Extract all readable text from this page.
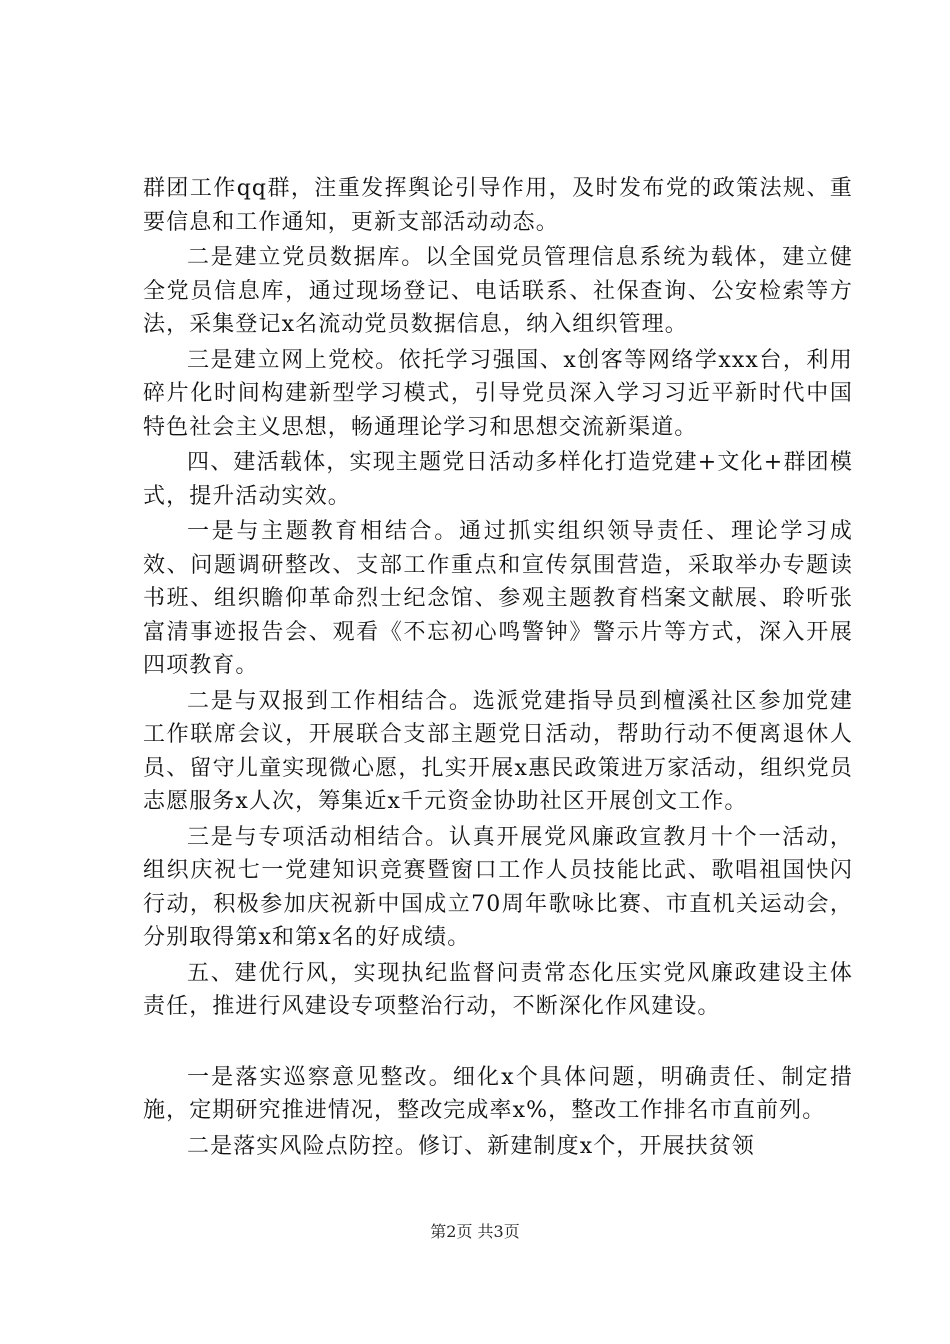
群团工作qq群，注重发挥舆论引导作用，及时发布党的政策法规、重要信息和工作通知，更新支部活动动态。

二是建立党员数据库。以全国党员管理信息系统为载体，建立健全党员信息库，通过现场登记、电话联系、社保查询、公安检索等方法，采集登记x名流动党员数据信息，纳入组织管理。

三是建立网上党校。依托学习强国、x创客等网络学xxx台，利用碎片化时间构建新型学习模式，引导党员深入学习习近平新时代中国特色社会主义思想，畅通理论学习和思想交流新渠道。

四、建活载体，实现主题党日活动多样化打造党建+文化+群团模式，提升活动实效。

一是与主题教育相结合。通过抓实组织领导责任、理论学习成效、问题调研整改、支部工作重点和宣传氛围营造，采取举办专题读书班、组织瞻仰革命烈士纪念馆、参观主题教育档案文献展、聆听张富清事迹报告会、观看《不忘初心鸣警钟》警示片等方式，深入开展四项教育。

二是与双报到工作相结合。选派党建指导员到檀溪社区参加党建工作联席会议，开展联合支部主题党日活动，帮助行动不便离退休人员、留守儿童实现微心愿，扎实开展x惠民政策进万家活动，组织党员志愿服务x人次，筹集近x千元资金协助社区开展创文工作。

三是与专项活动相结合。认真开展党风廉政宣教月十个一活动，组织庆祝七一党建知识竞赛暨窗口工作人员技能比武、歌唱祖国快闪行动，积极参加庆祝新中国成立70周年歌咏比赛、市直机关运动会，分别取得第x和第x名的好成绩。

五、建优行风，实现执纪监督问责常态化压实党风廉政建设主体责任，推进行风建设专项整治行动，不断深化作风建设。

一是落实巡察意见整改。细化x个具体问题，明确责任、制定措施，定期研究推进情况，整改完成率x%，整改工作排名市直前列。

二是落实风险点防控。修订、新建制度x个，开展扶贫领

第2页 共3页
